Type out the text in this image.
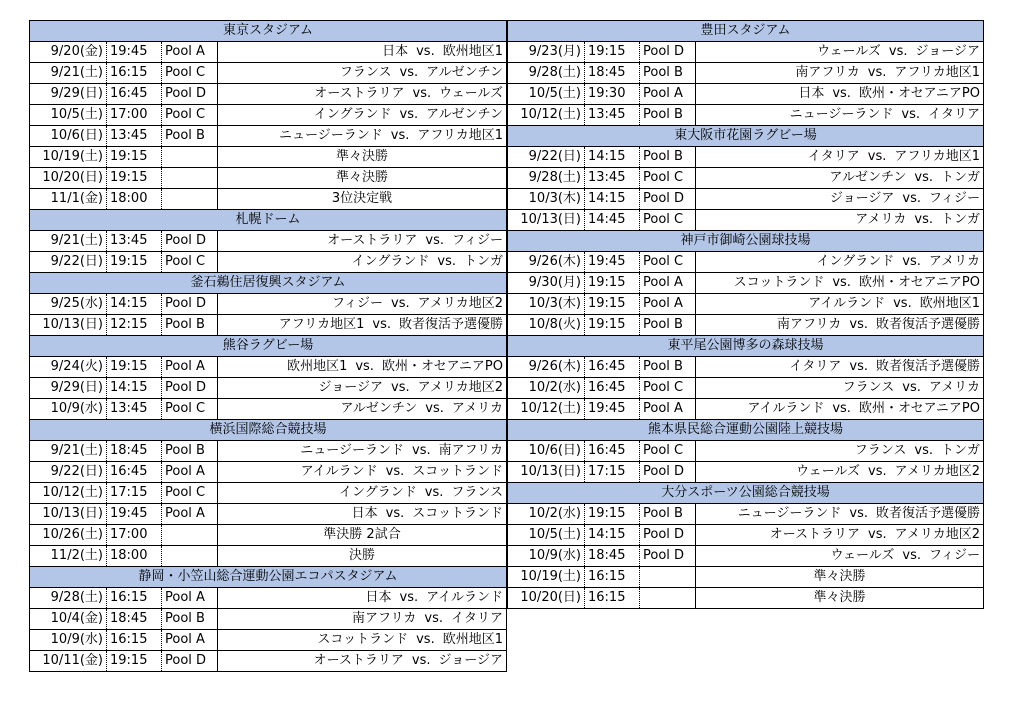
東京スタジアム			
9/20(金)	19:45	Pool A	日本 vs. 欧州地区1
9/21(土)	16:15	Pool C	フランス vs. アルゼンチン
9/29(日)	16:45	Pool D	オーストラリア vs. ウェールズ
10/5(土)	17:00	Pool C	イングランド vs. アルゼンチン
10/6(日)	13:45	Pool B	ニュージーランド vs. アフリカ地区1
10/19(土)	19:15		準々決勝
10/20(日)	19:15		準々決勝
11/1(金)	18:00		3位決定戦
札幌ドーム			
9/21(土)	13:45	Pool D	オーストラリア vs. フィジー
9/22(日)	19:15	Pool C	イングランド vs. トンガ
釜石鵜住居復興スタジアム			
9/25(水)	14:15	Pool D	フィジー vs. アメリカ地区2
10/13(日)	12:15	Pool B	アフリカ地区1 vs. 敗者復活予選優勝
熊谷ラグビー場			
9/24(火)	19:15	Pool A	欧州地区1 vs. 欧州・オセアニアPO
9/29(日)	14:15	Pool D	ジョージア vs. アメリカ地区2
10/9(水)	13:45	Pool C	アルゼンチン vs. アメリカ
横浜国際総合競技場			
9/21(土)	18:45	Pool B	ニュージーランド vs. 南アフリカ
9/22(日)	16:45	Pool A	アイルランド vs. スコットランド
10/12(土)	17:15	Pool C	イングランド vs. フランス
10/13(日)	19:45	Pool A	日本 vs. スコットランド
10/26(土)	17:00		準決勝 2試合
11/2(土)	18:00		決勝
静岡・小笠山総合運動公園エコパスタジアム			
9/28(土)	16:15	Pool A	日本 vs. アイルランド
10/4(金)	18:45	Pool B	南アフリカ vs. イタリア
10/9(水)	16:15	Pool A	スコットランド vs. 欧州地区1
10/11(金)	19:15	Pool D	オーストラリア vs. ジョージア
豊田スタジアム			
9/23(月)	19:15	Pool D	ウェールズ vs. ジョージア
9/28(土)	18:45	Pool B	南アフリカ vs. アフリカ地区1
10/5(土)	19:30	Pool A	日本 vs. 欧州・オセアニアPO
10/12(土)	13:45	Pool B	ニュージーランド vs. イタリア
東大阪市花園ラグビー場			
9/22(日)	14:15	Pool B	イタリア vs. アフリカ地区1
9/28(土)	13:45	Pool C	アルゼンチン vs. トンガ
10/3(木)	14:15	Pool D	ジョージア vs. フィジー
10/13(日)	14:45	Pool C	アメリカ vs. トンガ
神戸市御崎公園球技場			
9/26(木)	19:45	Pool C	イングランド vs. アメリカ
9/30(月)	19:15	Pool A	スコットランド vs. 欧州・オセアニアPO
10/3(木)	19:15	Pool A	アイルランド vs. 欧州地区1
10/8(火)	19:15	Pool B	南アフリカ vs. 敗者復活予選優勝
東平尾公園博多の森球技場			
9/26(木)	16:45	Pool B	イタリア vs. 敗者復活予選優勝
10/2(水)	16:45	Pool C	フランス vs. アメリカ
10/12(土)	19:45	Pool A	アイルランド vs. 欧州・オセアニアPO
熊本県民総合運動公園陸上競技場			
10/6(日)	16:45	Pool C	フランス vs. トンガ
10/13(日)	17:15	Pool D	ウェールズ vs. アメリカ地区2
大分スポーツ公園総合競技場			
10/2(水)	19:15	Pool B	ニュージーランド vs. 敗者復活予選優勝
10/5(土)	14:15	Pool D	オーストラリア vs. アメリカ地区2
10/9(水)	18:45	Pool D	ウェールズ vs. フィジー
10/19(土)	16:15		準々決勝
10/20(日)	16:15		準々決勝
